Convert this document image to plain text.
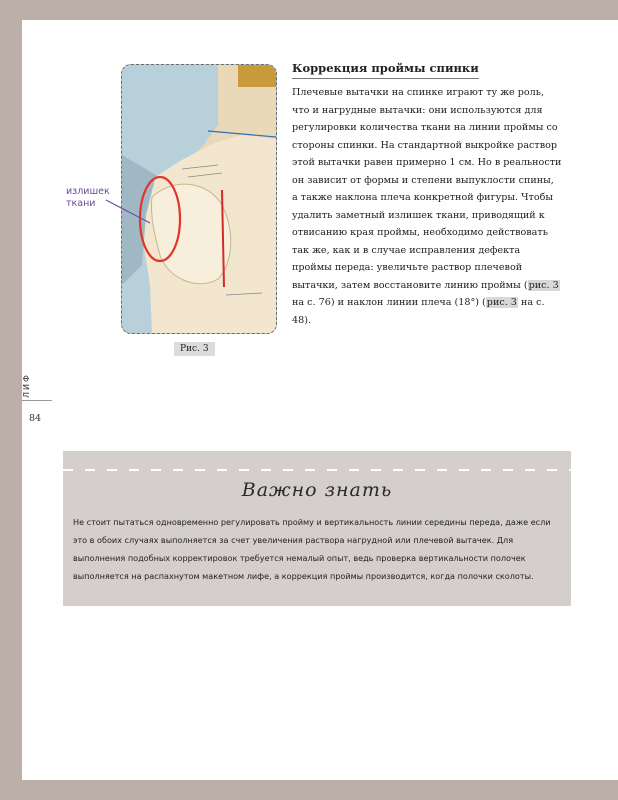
излишек
ткани
Рис. 3
Коррекция проймы спинки
Плечевые вытачки на спинке играют ту же роль, что и нагрудные вытачки: они используются для регулировки количества ткани на линии проймы со стороны спинки. На стандартной выкройке раствор этой вытачки равен примерно 1 см. Но в реальности он зависит от формы и степени выпуклости спины, а также наклона плеча конкретной фигуры. Чтобы удалить заметный излишек ткани, приводящий к отвисанию края проймы, необходимо действовать так же, как и в случае исправления дефекта проймы переда: увеличьте раствор плечевой вытачки, затем восстановите линию проймы (рис. 3 на с. 76) и наклон линии плеча (18°) (рис. 3 на с. 48).
ЛИФ
84
Важно знать
Не стоит пытаться одновременно регулировать пройму и вертикальность линии середины переда, даже если это в обоих случаях выполняется за счет увеличения раствора нагрудной или плечевой вытачек. Для выполнения подобных корректировок требуется немалый опыт, ведь проверка вертикальности полочек выполняется на распахнутом макетном лифе, а коррекция проймы производится, когда полочки сколоты.
